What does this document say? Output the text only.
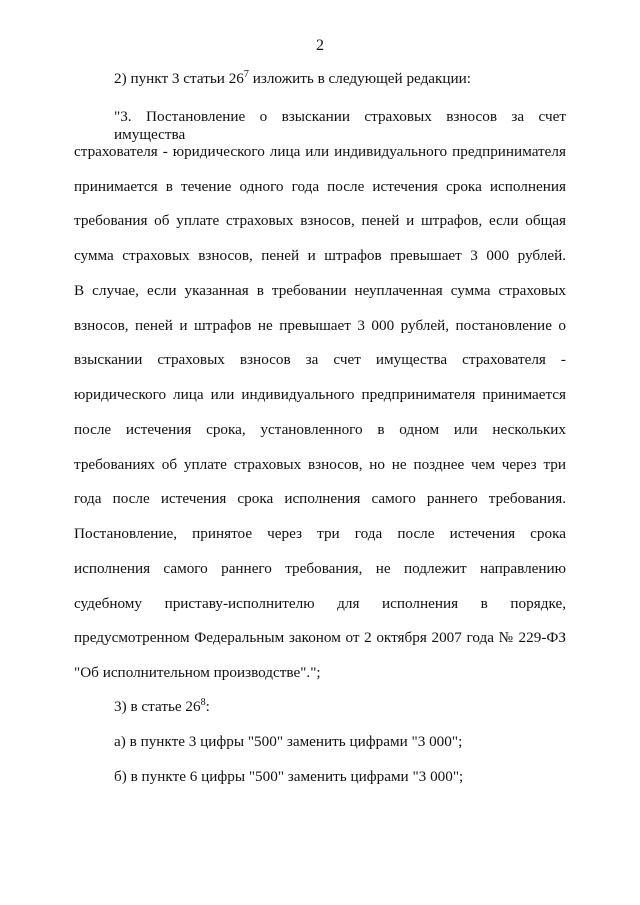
2
2) пункт 3 статьи $26^7$ изложить в следующей редакции:
"3. Постановление о взыскании страховых взносов за счет имущества
страхователя - юридического лица или индивидуального предпринимателя
принимается в течение одного года после истечения срока исполнения
требования об уплате страховых взносов, пеней и штрафов, если общая
сумма страховых взносов, пеней и штрафов превышает 3 000 рублей.
В случае, если указанная в требовании неуплаченная сумма страховых
взносов, пеней и штрафов не превышает 3 000 рублей, постановление о
взыскании страховых взносов за счет имущества страхователя -
юридического лица или индивидуального предпринимателя принимается
после истечения срока, установленного в одном или нескольких
требованиях об уплате страховых взносов, но не позднее чем через три
года после истечения срока исполнения самого раннего требования.
Постановление, принятое через три года после истечения срока
исполнения самого раннего требования, не подлежит направлению
судебному приставу-исполнителю для исполнения в порядке,
предусмотренном Федеральным законом от 2 октября 2007 года № 229-ФЗ
"Об исполнительном производстве".";
3) в статье $26^8$:
а) в пункте 3 цифры "500" заменить цифрами "3 000";
б) в пункте 6 цифры "500" заменить цифрами "3 000";
